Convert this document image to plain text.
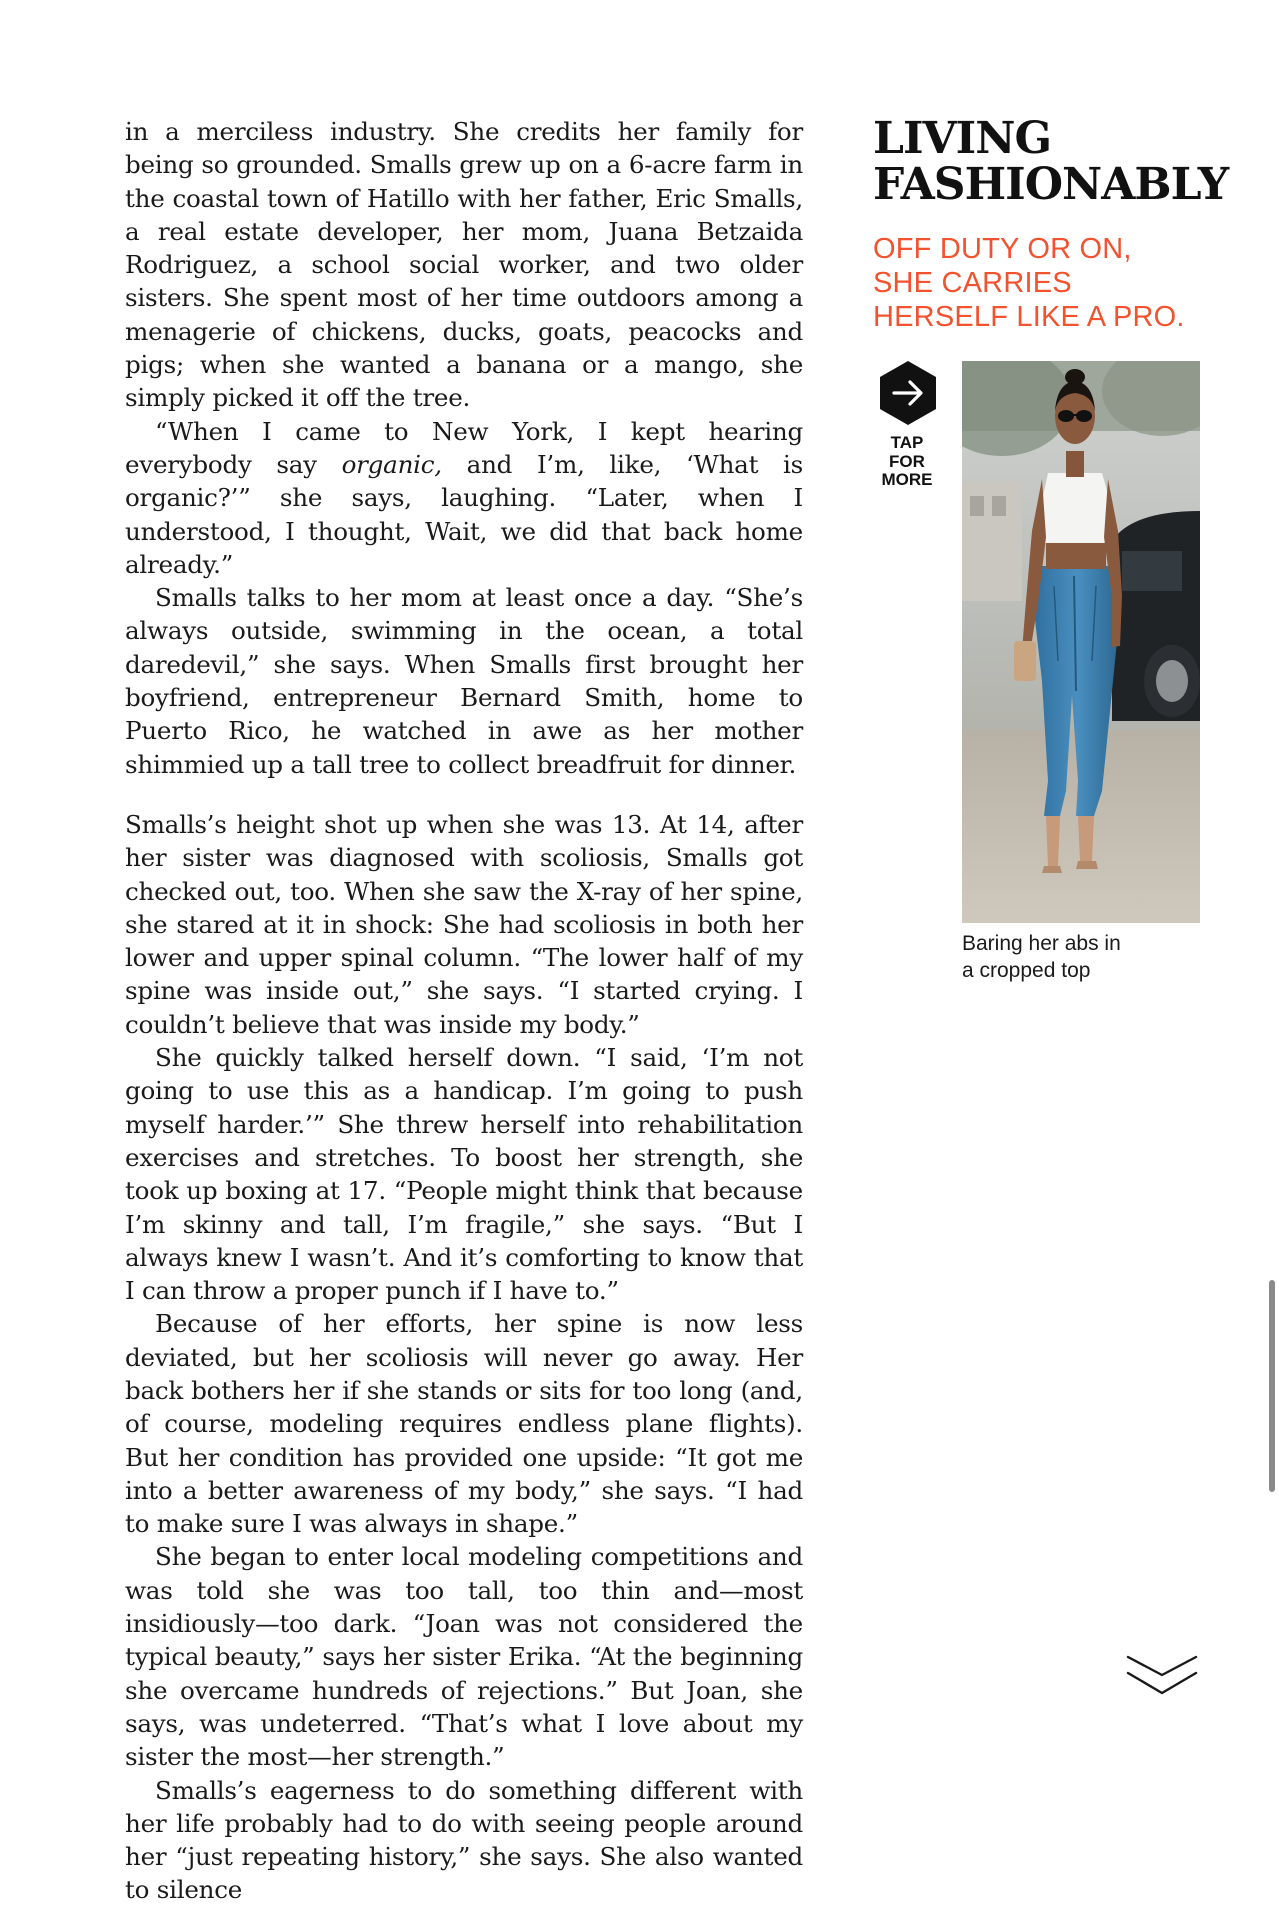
in a merciless industry. She credits her family for being so grounded. Smalls grew up on a 6-acre farm in the coastal town of Hatillo with her father, Eric Smalls, a real estate developer, her mom, Juana Betzaida Rodriguez, a school social worker, and two older sisters. She spent most of her time outdoors among a menagerie of chickens, ducks, goats, peacocks and pigs; when she wanted a banana or a mango, she simply picked it off the tree.

“When I came to New York, I kept hearing everybody say organic, and I’m, like, ‘What is organic?’” she says, laughing. “Later, when I understood, I thought, Wait, we did that back home already.”

Smalls talks to her mom at least once a day. “She’s always outside, swimming in the ocean, a total daredevil,” she says. When Smalls first brought her boyfriend, entrepreneur Bernard Smith, home to Puerto Rico, he watched in awe as her mother shimmied up a tall tree to collect breadfruit for dinner.

Smalls’s height shot up when she was 13. At 14, after her sister was diagnosed with scoliosis, Smalls got checked out, too. When she saw the X-ray of her spine, she stared at it in shock: She had scoliosis in both her lower and upper spinal column. “The lower half of my spine was inside out,” she says. “I started crying. I couldn’t believe that was inside my body.”

She quickly talked herself down. “I said, ‘I’m not going to use this as a handicap. I’m going to push myself harder.’” She threw herself into rehabilitation exercises and stretches. To boost her strength, she took up boxing at 17. “People might think that because I’m skinny and tall, I’m fragile,” she says. “But I always knew I wasn’t. And it’s comforting to know that I can throw a proper punch if I have to.”

Because of her efforts, her spine is now less deviated, but her scoliosis will never go away. Her back bothers her if she stands or sits for too long (and, of course, modeling requires endless plane flights). But her condition has provided one upside: “It got me into a better awareness of my body,” she says. “I had to make sure I was always in shape.”

She began to enter local modeling competitions and was told she was too tall, too thin and—most insidiously—too dark. “Joan was not considered the typical beauty,” says her sister Erika. “At the beginning she overcame hundreds of rejections.” But Joan, she says, was undeterred. “That’s what I love about my sister the most—her strength.”

Smalls’s eagerness to do something different with her life probably had to do with seeing people around her “just repeating history,” she says. She also wanted to silence

LIVING
FASHIONABLY
OFF DUTY OR ON,
SHE CARRIES
HERSELF LIKE A PRO.
TAP
FOR
MORE
Baring her abs in
a cropped top
